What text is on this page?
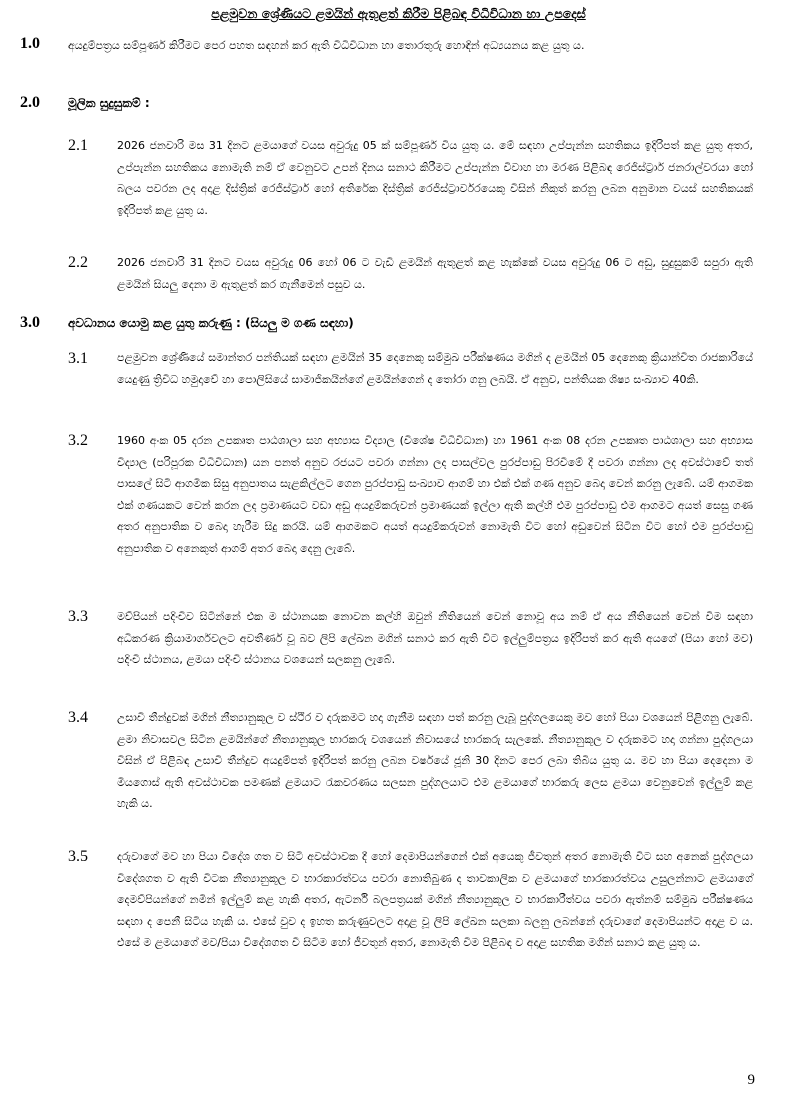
පළමුවන ශ්‍රේණියට ළමයින් ඇතුළත් කිරීම පිළිබඳ විධිවිධාන හා උපදෙස්
1.0	අයදුම්පත්‍රය සම්පූර්ණ කිරීමට පෙර පහත සඳහන් කර ඇති විධිවිධාන හා තොරතුරු හොඳින් අධ්‍යයනය කළ යුතු ය.

2.0 මූලික සුදුසුකම් :
2.1	2026 ජනවාරි මස 31 දිනට ළමයාගේ වයස අවුරුදු 05 ක් සම්පූර්ණ විය යුතු ය. මේ සඳහා උප්පැන්න සහතිකය ඉදිරිපත් කළ යුතු අතර, උප්පැන්න සහතිකය නොමැති නම් ඒ වෙනුවට උපන් දිනය සනාථ කිරීමට උප්පැන්න විවාහ හා මරණ පිළිබඳ රෙජිස්ට්‍රාර් ජනරාල්වරයා හෝ බලය පවරන ලද අදාළ දිස්ත්‍රික් රෙජිස්ට්‍රාර් හෝ අතිරේක දිස්ත්‍රික් රෙජිස්ට්‍රාර්වරයෙකු විසින් නිකුත් කරනු ලබන අනුමාන වයස් සහතිකයක් ඉදිරිපත් කළ යුතු ය.

2.2	2026 ජනවාරි 31 දිනට වයස අවුරුදු 06 හෝ 06 ට වැඩි ළමයින් ඇතුළත් කළ හැක්කේ වයස අවුරුදු 06 ට අඩු, සුදුසුකම් සපුරා ඇති ළමයින් සියලු දෙනා ම ඇතුළත් කර ගැනීමෙන් පසුව ය.

3.0 අවධානය යොමු කළ යුතු කරුණු : (සියලු ම ගණ සඳහා)
3.1	පළමුවන ශ්‍රේණියේ සමාන්තර පන්තියක් සඳහා ළමයින් 35 දෙනෙකු සම්මුඛ පරීක්ෂණය මගින් ද ළමයින් 05 දෙනෙකු ක්‍රියාන්විත රාජකාරියේ යෙදුණු ත්‍රිවිධ හමුදාවේ හා පොලිසියේ සාමාජිකයින්ගේ ළමයින්ගෙන් ද තෝරා ගනු ලබයි. ඒ අනුව, පන්තියක ශිෂ්‍ය සංඛ්‍යාව 40කි.

3.2	1960 අංක 05 දරන උපකෘත පාඨශාලා සහ අභ්‍යාස විද්‍යාල (විශේෂ විධිවිධාන) හා 1961 අංක 08 දරන උපකෘත පාඨශාලා සහ අභ්‍යාස විද්‍යාල (පරිපූරක විධිවිධාන) යන පනත් අනුව රජයට පවරා ගන්නා ලද පාසල්වල පුරප්පාඩු පිරවීමේ දී පවරා ගන්නා ලද අවස්ථාවේ තත් පාසලේ සිටි ආගමික සිසු අනුපාතය සැළකිල්ලට ගෙන පුරප්පාඩු සංඛ්‍යාව ආගම් හා එක් එක් ගණ අනුව බෙදා වෙන් කරනු ලැබේ. යම් ආගමක එක් ගණයකට වෙන් කරන ලද ප්‍රමාණයට වඩා අඩු අයදුම්කරුවන් ප්‍රමාණයක් ඉල්ලා ඇති කල්හි එම පුරප්පාඩු එම ආගමට අයත් සෙසු ගණ අතර අනුපාතික ව බෙදා හැරීම සිදු කරයි. යම් ආගමකට අයත් අයදුම්කරුවන් නොමැති විට හෝ අඩුවෙන් සිටින විට හෝ එම පුරප්පාඩු අනුපාතික ව අනෙකුත් ආගම් අතර බෙදා දෙනු ලැබේ.

3.3	මව්පියන් පදිංචිව සිටින්නේ එක ම ස්ථානයක නොවන කල්හි ඔවුන් නීතියෙන් වෙන් නොවූ අය නම් ඒ අය නීතියෙන් වෙන් වීම සඳහා අධිකරණ ක්‍රියාමාර්ගවලට අවතීර්ණ වූ බව ලිපි ලේඛන මගින් සනාථ කර ඇති විට ඉල්ලුම්පත්‍රය ඉදිරිපත් කර ඇති අයගේ (පියා හෝ මව) පදිංචි ස්ථානය, ළමයා පදිංචි ස්ථානය වශයෙන් සලකනු ලැබේ.

3.4	උසාවි තීන්දුවක් මගින් නීත්‍යානුකූල ව ස්ථිර ව දරුකමට හදා ගැනීම සඳහා පත් කරනු ලැබූ පුද්ගලයෙකු මව හෝ පියා වශයෙන් පිළිගනු ලැබේ. ළමා නිවාසවල සිටින ළමයින්ගේ නීත්‍යානුකූල භාරකරු වශයෙන් නිවාසයේ භාරකරු සැලකේ. නීත්‍යානුකූල ව දරුකමට හදා ගන්නා පුද්ගලයා විසින් ඒ පිළිබඳ උසාවි තීන්දුව අයදුම්පත් ඉදිරිපත් කරනු ලබන වර්ෂයේ ජූනි 30 දිනට පෙර ලබා තිබිය යුතු ය. මව හා පියා දෙදෙනා ම මියගොස් ඇති අවස්ථාවක පමණක් ළමයාට රැකවරණය සලසන පුද්ගලයාට එම ළමයාගේ භාරකරු ලෙස ළමයා වෙනුවෙන් ඉල්ලුම් කළ හැකි ය.

3.5	දරුවාගේ මව හා පියා විදේශ ගත ව සිටි අවස්ථාවක දී හෝ දෙමාපියන්ගෙන් එක් අයෙකු ජීවතුන් අතර නොමැති විට සහ අනෙක් පුද්ගලයා විදේශගත ව ඇති විටක නීත්‍යානුකූල ව භාරකාරත්වය පවරා නොතිබුණ ද තාවකාලික ව ළමයාගේ භාරකාරත්වය උසුලන්නාට ළමයාගේ දෙමව්පියන්ගේ නමින් ඉල්ලුම් කළ හැකි අතර, ඇටර්නි බලපත්‍රයක් මගින් නීත්‍යානුකූල ව භාරකාරීත්වය පවරා ඇත්නම් සම්මුඛ පරීක්ෂණය සඳහා ද පෙනී සිටිය හැකි ය. එසේ වුව ද ඉහත කරුණුවලට අදාළ වූ ලිපි ලේඛන සලකා බලනු ලබන්නේ දරුවාගේ දෙමාපියන්ට අදාළ ව ය. එසේ ම ළමයාගේ මව/පියා විදේශගත වී සිටීම හෝ ජීවතුන් අතර, නොමැති වීම පිළිබඳ ව අදාළ සහතික මගින් සනාථ කළ යුතු ය.

9
